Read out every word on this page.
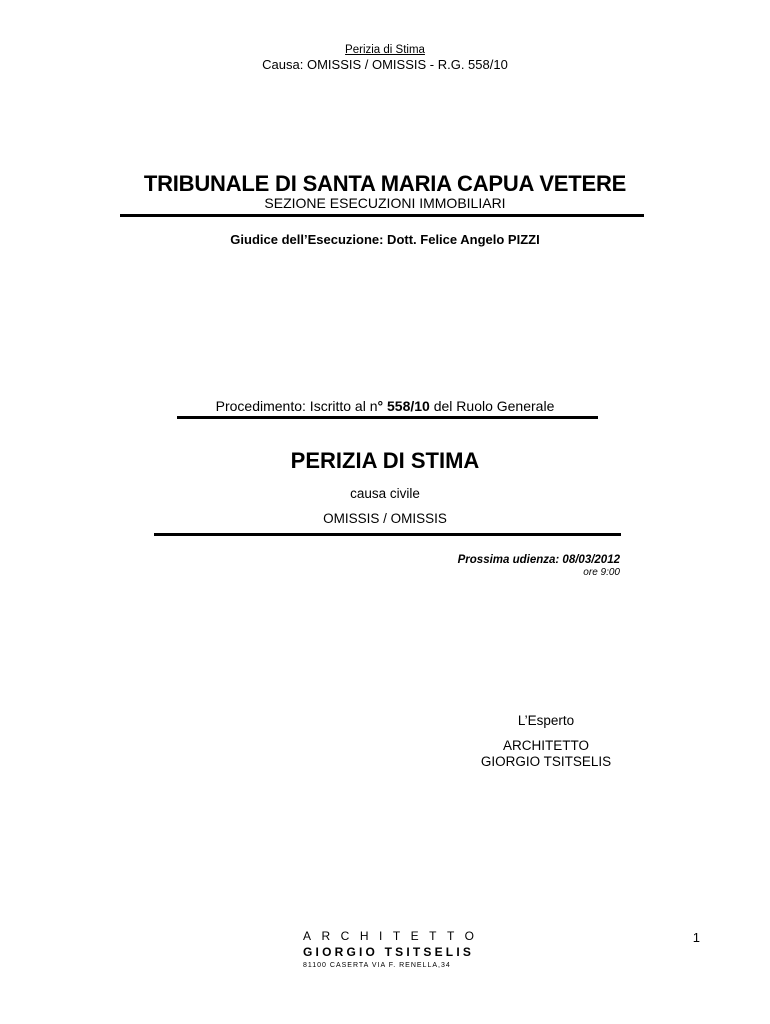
Perizia di Stima
Causa: OMISSIS / OMISSIS - R.G. 558/10
TRIBUNALE DI SANTA MARIA CAPUA VETERE
SEZIONE ESECUZIONI IMMOBILIARI
Giudice dell’Esecuzione: Dott. Felice Angelo PIZZI
Procedimento: Iscritto al n° 558/10 del Ruolo Generale
PERIZIA DI STIMA
causa civile
OMISSIS / OMISSIS
Prossima udienza: 08/03/2012
ore 9:00
L’Esperto
ARCHITETTO
GIORGIO TSITSELIS
ARCHITETTO
GIORGIO TSITSELIS
81100 CASERTA VIA F. RENELLA,34
1
